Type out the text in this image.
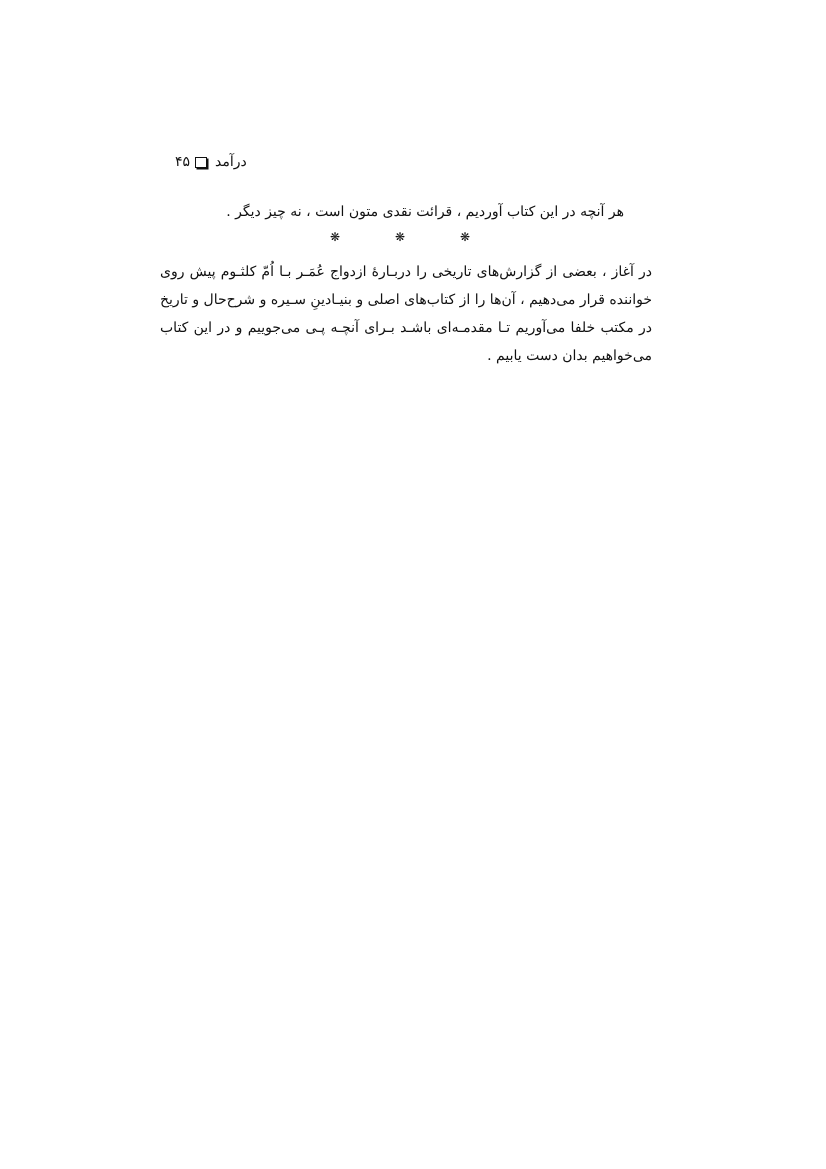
۴۵ درآمد

هر آنچه در این کتاب آوردیم ، قرائت نقدی متون است ، نه چیز دیگر .

❋	❋	❋

در آغاز ، بعضی از گزارش‌های تاریخی را دربـارۀ ازدواج عُمَـر بـا اُمّ کلثـوم پیش روی خواننده قرار می‌دهیم ، آن‌ها را از کتاب‌های اصلی و بنیـادینِ سـیره و شرح‌حال و تاریخ در مکتب خلفا می‌آوریم تـا مقدمـه‌ای باشـد بـرای آنچـه پـی می‌جوییم و در این کتاب می‌خواهیم بدان دست یابیم .
